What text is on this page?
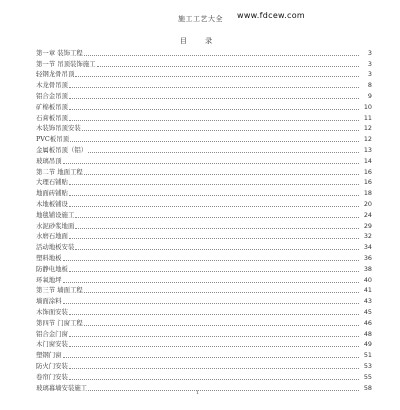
施工工艺大全 www.fdcew.com
目 录
第一章 装饰工程	3
第一节 吊顶装饰施工	3
轻钢龙骨吊顶	3
木龙骨吊顶	8
铝合金吊顶	9
矿棉板吊顶	10
石膏板吊顶	11
木装饰吊顶安装	12
PVC板吊顶	12
金属板吊顶（铝）	13
玻璃吊顶	14
第二节 地面工程	16
大理石铺贴	16
地面砖铺贴	18
木地板铺设	20
地毯铺设施工	24
水泥砂浆地面	29
水磨石地面	32
活动地板安装	34
塑料地板	36
防静电地板	38
环氧地坪	40
第三节 墙面工程	41
墙面涂料	43
木饰面安装	45
第四节 门窗工程	46
铝合金门窗	48
木门窗安装	49
塑钢门窗	51
防火门安装	53
卷帘门安装	55
玻璃幕墙安装施工	58
1
